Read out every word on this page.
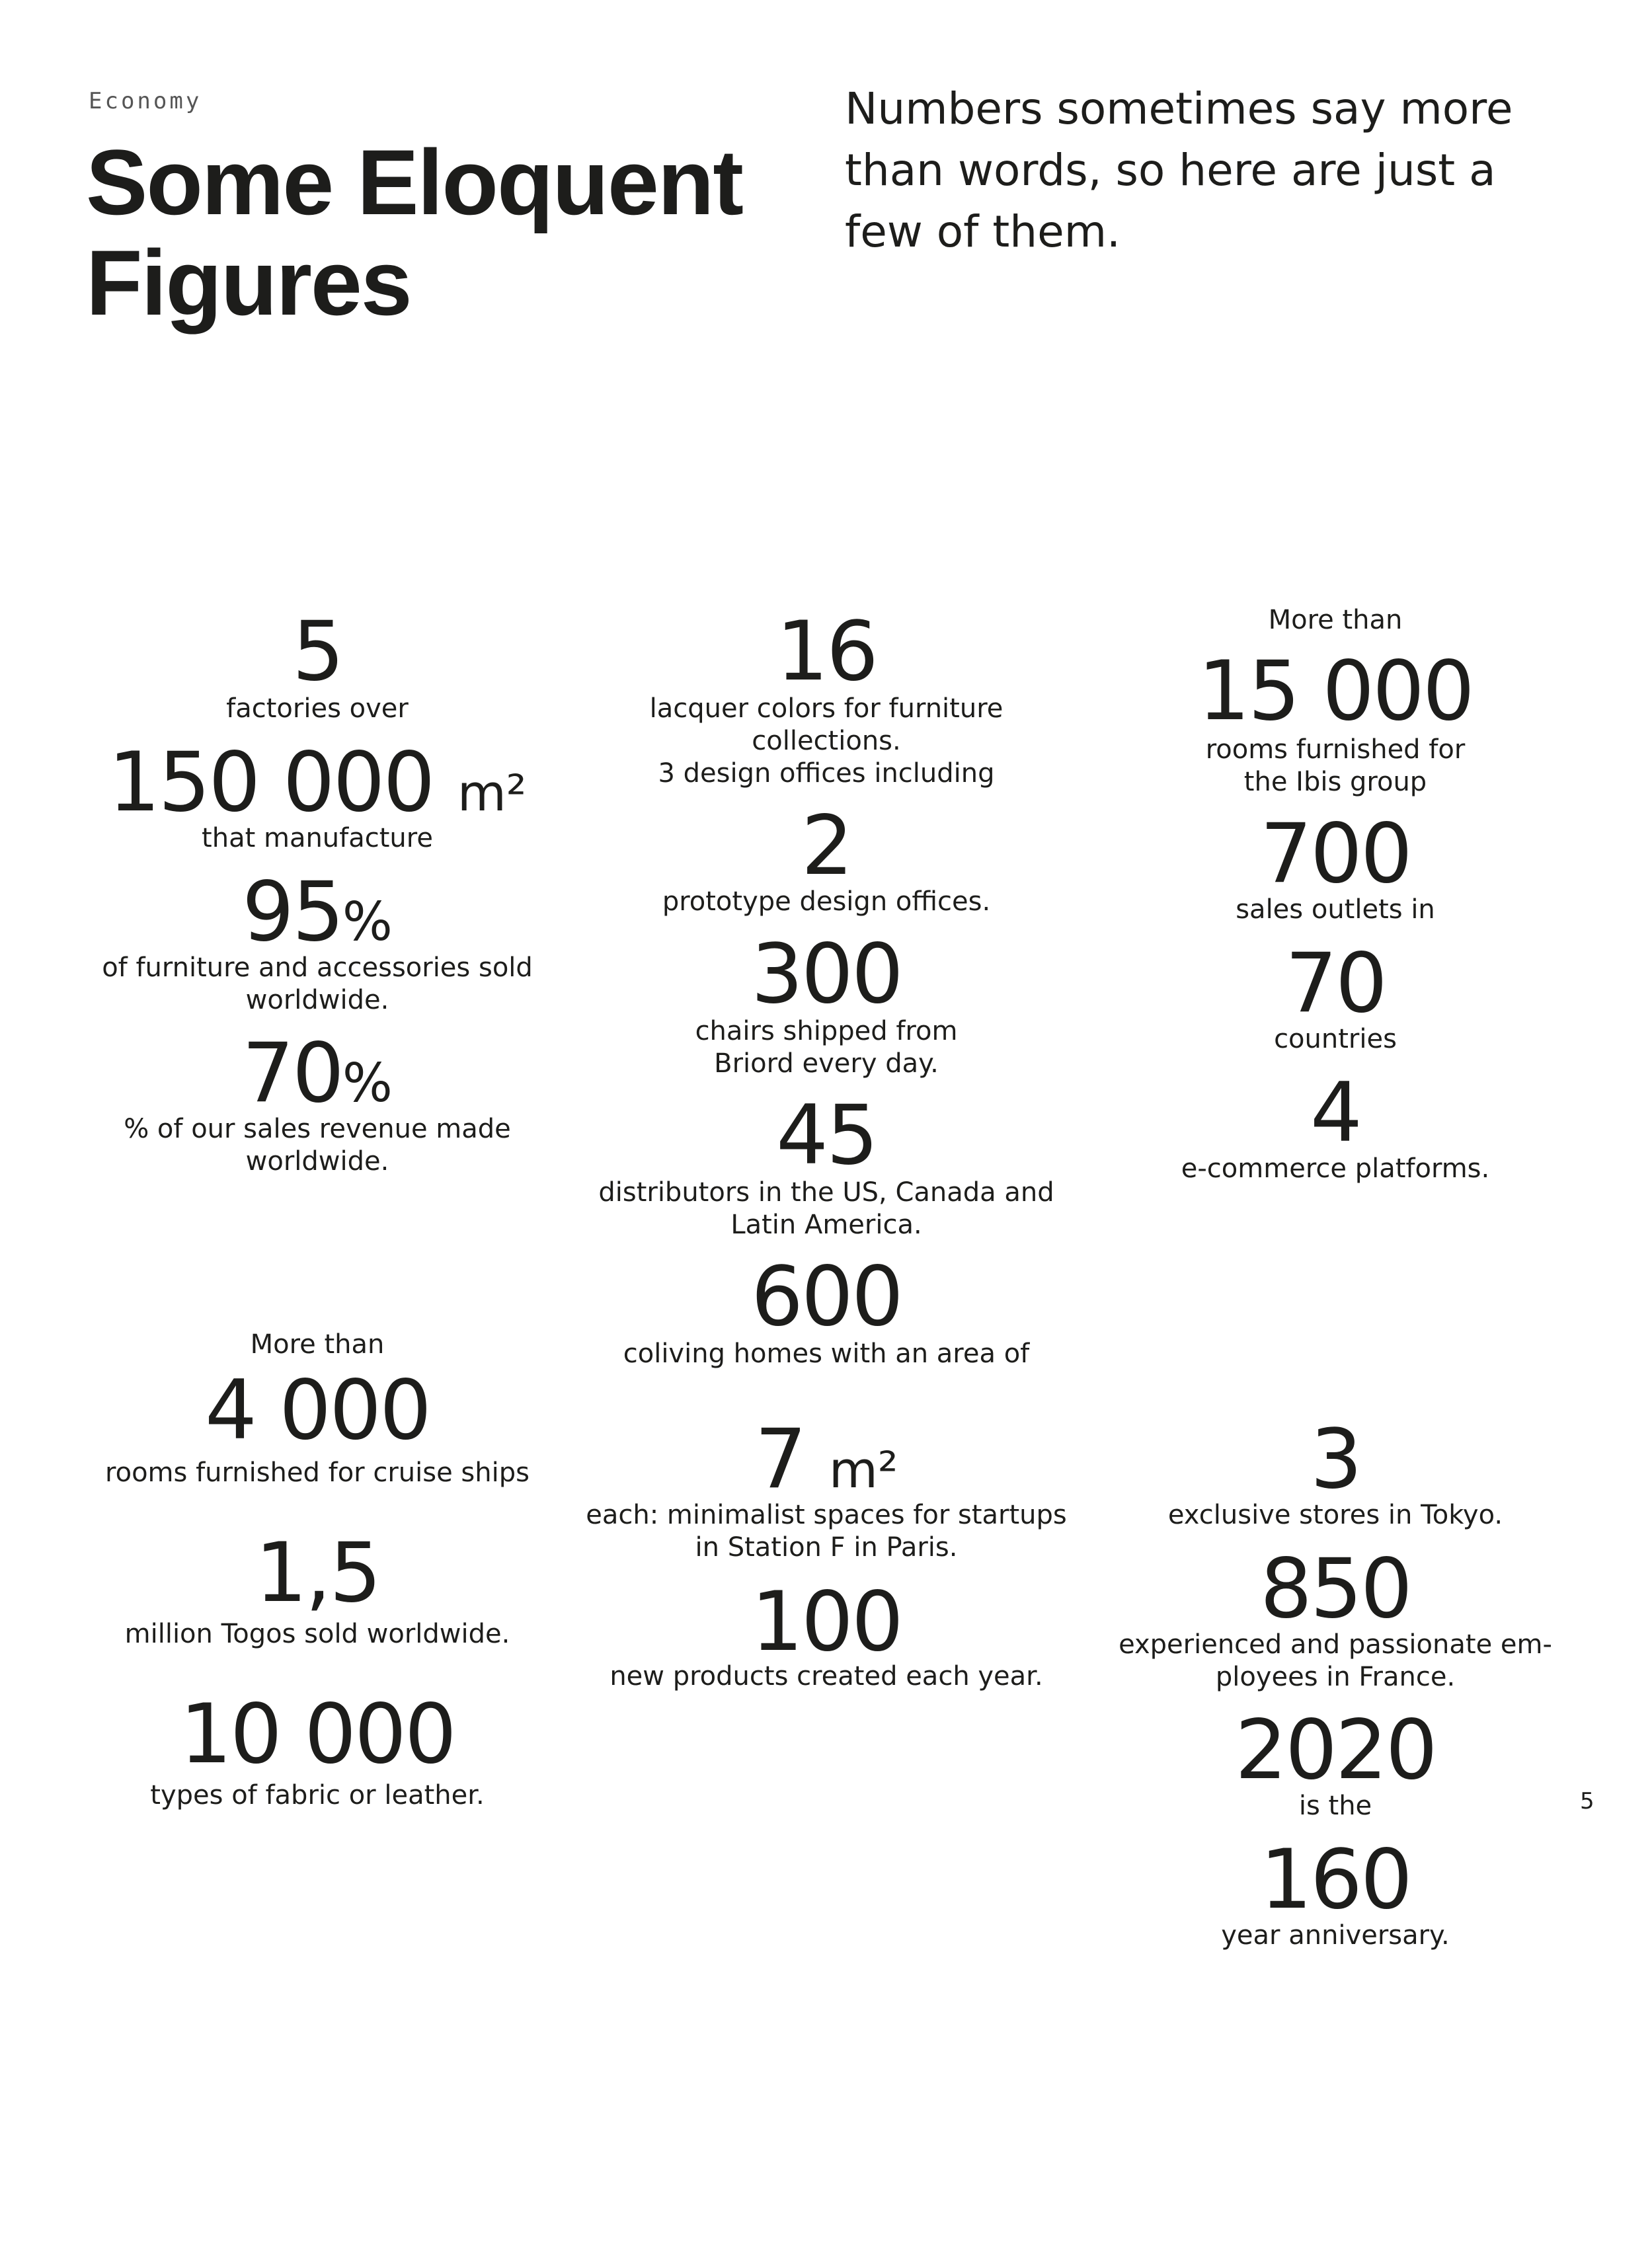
Economy
Some Eloquent Figures

Numbers sometimes say more than words, so here are just a few of them.

5
factories over
150 000 m²
that manufacture
95%
of furniture and accessories sold
worldwide.
70%
% of our sales revenue made
worldwide.
More than
4 000
rooms furnished for cruise ships
1,5
million Togos sold worldwide.
10 000
types of fabric or leather.
16
lacquer colors for furniture
collections.
3 design offices including
2
prototype design offices.
300
chairs shipped from
Briord every day.
45
distributors in the US, Canada and
Latin America.
600
coliving homes with an area of
7 m²
each: minimalist spaces for startups
in Station F in Paris.
100
new products created each year.
More than
15 000
rooms furnished for
the Ibis group
700
sales outlets in
70
countries
4
e-commerce platforms.
3
exclusive stores in Tokyo.
850
experienced and passionate em-
ployees in France.
2020
is the
160
year anniversary.
5
